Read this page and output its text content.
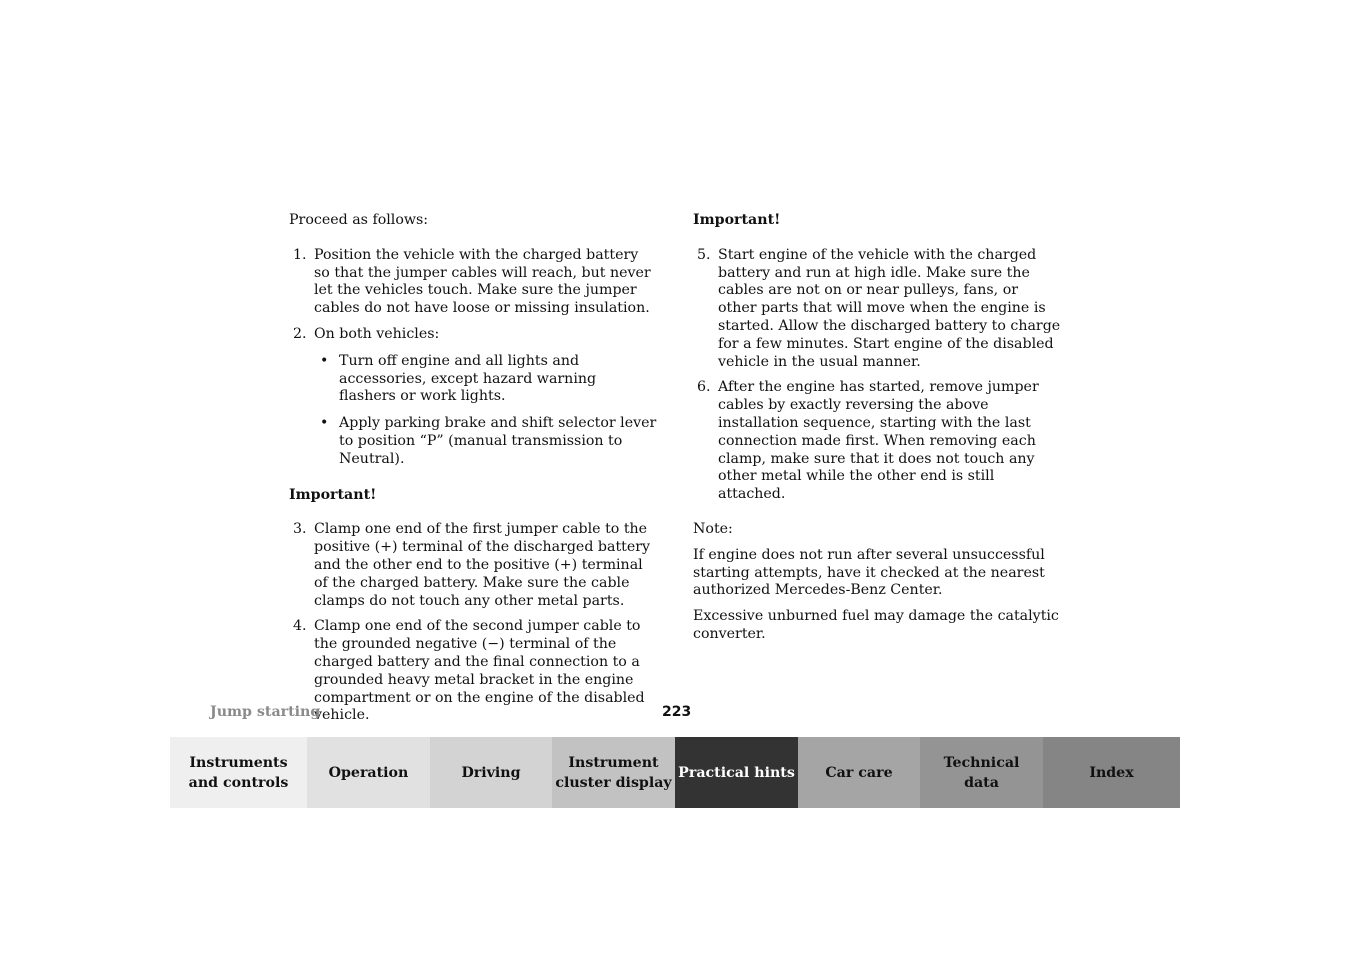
Proceed as follows:

1. Position the vehicle with the charged battery so that the jumper cables will reach, but never let the vehicles touch. Make sure the jumper cables do not have loose or missing insulation.
2. On both vehicles:
• Turn off engine and all lights and accessories, except hazard warning flashers or work lights.
• Apply parking brake and shift selector lever to position “P” (manual transmission to Neutral).

Important!

3. Clamp one end of the first jumper cable to the positive (+) terminal of the discharged battery and the other end to the positive (+) terminal of the charged battery. Make sure the cable clamps do not touch any other metal parts.
4. Clamp one end of the second jumper cable to the grounded negative (−) terminal of the charged battery and the final connection to a grounded heavy metal bracket in the engine compartment or on the engine of the disabled vehicle.

Important!

5. Start engine of the vehicle with the charged battery and run at high idle. Make sure the cables are not on or near pulleys, fans, or other parts that will move when the engine is started. Allow the discharged battery to charge for a few minutes. Start engine of the disabled vehicle in the usual manner.
6. After the engine has started, remove jumper cables by exactly reversing the above installation sequence, starting with the last connection made first. When removing each clamp, make sure that it does not touch any other metal while the other end is still attached.

Note:

If engine does not run after several unsuccessful starting attempts, have it checked at the nearest authorized Mercedes-Benz Center.

Excessive unburned fuel may damage the catalytic converter.

Jump starting	223
Instruments
and controls
Operation	Driving
Instrument
cluster display
Practical hints	Car care
Technical
data
Index
